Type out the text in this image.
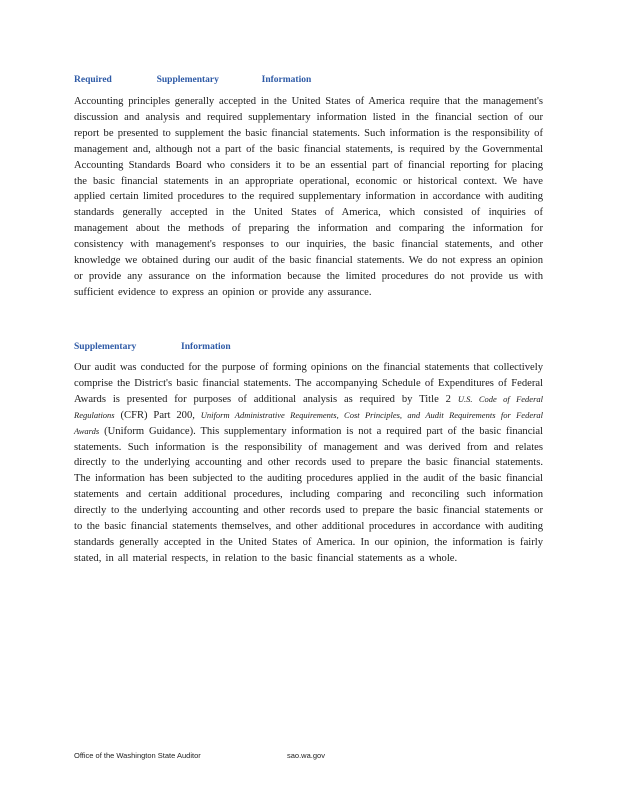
Required	Supplementary	Information
Accounting principles generally accepted in the United States of America require that the management's discussion and analysis and required supplementary information listed in the financial section of our report be presented to supplement the basic financial statements. Such information is the responsibility of management and, although not a part of the basic financial statements, is required by the Governmental Accounting Standards Board who considers it to be an essential part of financial reporting for placing the basic financial statements in an appropriate operational, economic or historical context. We have applied certain limited procedures to the required supplementary information in accordance with auditing standards generally accepted in the United States of America, which consisted of inquiries of management about the methods of preparing the information and comparing the information for consistency with management's responses to our inquiries, the basic financial statements, and other knowledge we obtained during our audit of the basic financial statements. We do not express an opinion or provide any assurance on the information because the limited procedures do not provide us with sufficient evidence to express an opinion or provide any assurance.
Supplementary	Information
Our audit was conducted for the purpose of forming opinions on the financial statements that collectively comprise the District's basic financial statements. The accompanying Schedule of Expenditures of Federal Awards is presented for purposes of additional analysis as required by Title 2 U.S. Code of Federal Regulations (CFR) Part 200, Uniform Administrative Requirements, Cost Principles, and Audit Requirements for Federal Awards (Uniform Guidance). This supplementary information is not a required part of the basic financial statements. Such information is the responsibility of management and was derived from and relates directly to the underlying accounting and other records used to prepare the basic financial statements. The information has been subjected to the auditing procedures applied in the audit of the basic financial statements and certain additional procedures, including comparing and reconciling such information directly to the underlying accounting and other records used to prepare the basic financial statements or to the basic financial statements themselves, and other additional procedures in accordance with auditing standards generally accepted in the United States of America. In our opinion, the information is fairly stated, in all material respects, in relation to the basic financial statements as a whole.
Office of the Washington State Auditor	sao.wa.gov
